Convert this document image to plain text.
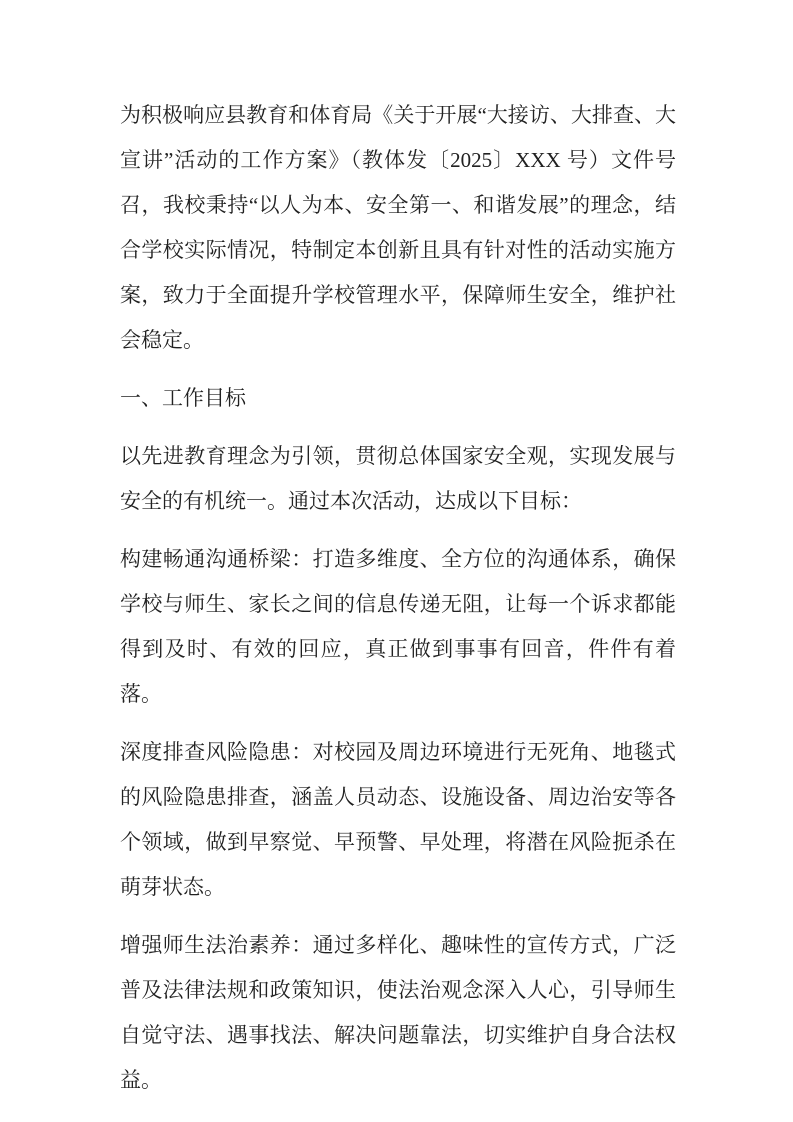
为积极响应县教育和体育局《关于开展“大接访、大排查、大宣讲”活动的工作方案》（教体发〔2025〕XXX 号）文件号召，我校秉持“以人为本、安全第一、和谐发展”的理念，结合学校实际情况，特制定本创新且具有针对性的活动实施方案，致力于全面提升学校管理水平，保障师生安全，维护社会稳定。

一、工作目标

以先进教育理念为引领，贯彻总体国家安全观，实现发展与安全的有机统一。通过本次活动，达成以下目标：

构建畅通沟通桥梁：打造多维度、全方位的沟通体系，确保学校与师生、家长之间的信息传递无阻，让每一个诉求都能得到及时、有效的回应，真正做到事事有回音，件件有着落。

深度排查风险隐患：对校园及周边环境进行无死角、地毯式的风险隐患排查，涵盖人员动态、设施设备、周边治安等各个领域，做到早察觉、早预警、早处理，将潜在风险扼杀在萌芽状态。

增强师生法治素养：通过多样化、趣味性的宣传方式，广泛普及法律法规和政策知识，使法治观念深入人心，引导师生自觉守法、遇事找法、解决问题靠法，切实维护自身合法权益。
